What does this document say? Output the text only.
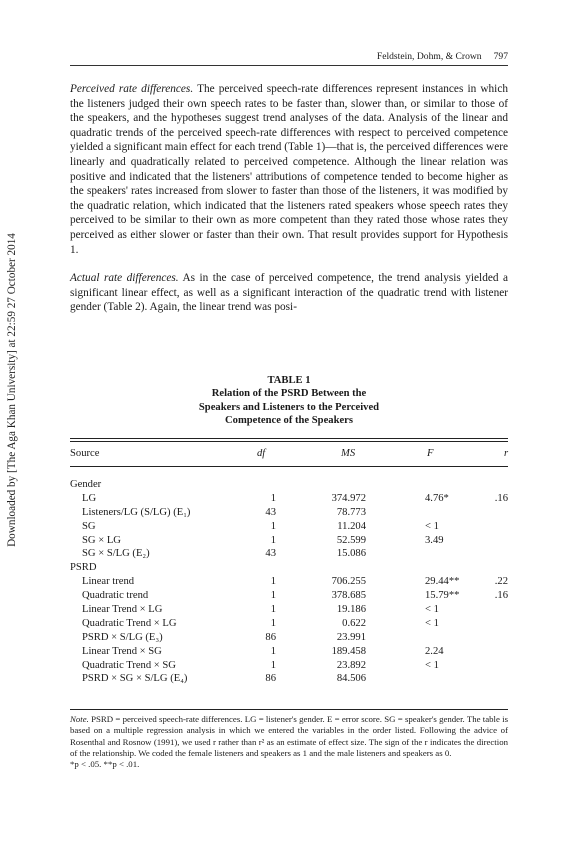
Downloaded by [The Aga Khan University] at 22:59 27 October 2014
Feldstein, Dohm, & Crown 797

Perceived rate differences. The perceived speech-rate differences represent instances in which the listeners judged their own speech rates to be faster than, slower than, or similar to those of the speakers, and the hypotheses suggest trend analyses of the data. Analysis of the linear and quadratic trends of the perceived speech-rate differences with respect to perceived competence yielded a significant main effect for each trend (Table 1)—that is, the perceived differences were linearly and quadratically related to perceived competence. Although the linear relation was positive and indicated that the listeners' attributions of competence tended to become higher as the speakers' rates increased from slower to faster than those of the listeners, it was modified by the quadratic relation, which indicated that the listeners rated speakers whose speech rates they perceived to be similar to their own as more competent than they rated those whose rates they perceived as either slower or faster than their own. That result provides support for Hypothesis 1.

Actual rate differences. As in the case of perceived competence, the trend analysis yielded a significant linear effect, as well as a significant interaction of the quadratic trend with listener gender (Table 2). Again, the linear trend was posi-

TABLE 1
Relation of the PSRD Between the Speakers and Listeners to the Perceived Competence of the Speakers
Source	df	MS	F	r
Gender
LG	1	374.972	4.76*	.16
Listeners/LG (S/LG) (E₁)	43	78.773
SG	1	11.204	< 1
SG × LG	1	52.599	3.49
SG × S/LG (E₂)	43	15.086
PSRD
Linear trend	1	706.255	29.44**	.22
Quadratic trend	1	378.685	15.79**	.16
Linear Trend × LG	1	19.186	< 1
Quadratic Trend × LG	1	0.622	< 1
PSRD × S/LG (E₃)	86	23.991
Linear Trend × SG	1	189.458	2.24
Quadratic Trend × SG	1	23.892	< 1
PSRD × SG × S/LG (E₄)	86	84.506

Note. PSRD = perceived speech-rate differences. LG = listener's gender. E = error score. SG = speaker's gender. The table is based on a multiple regression analysis in which we entered the variables in the order listed. Following the advice of Rosenthal and Rosnow (1991), we used r rather than r² as an estimate of effect size. The sign of the r indicates the direction of the relationship. We coded the female listeners and speakers as 1 and the male listeners and speakers as 0.

*p < .05. **p < .01.
